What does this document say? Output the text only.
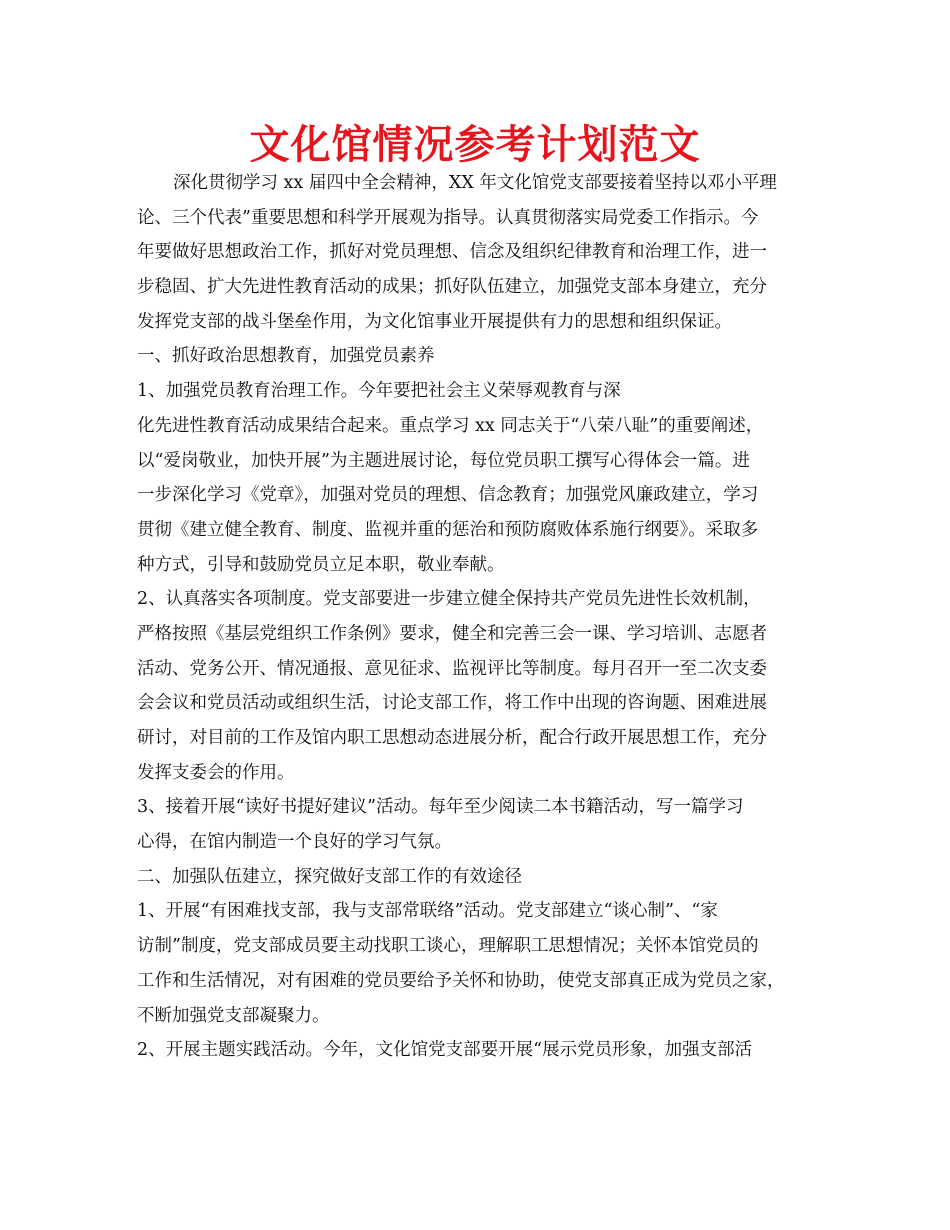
文化馆情况参考计划范文
深化贯彻学习 xx 届四中全会精神，XX 年文化馆党支部要接着坚持以邓小平理
论、三个代表”重要思想和科学开展观为指导。认真贯彻落实局党委工作指示。今
年要做好思想政治工作，抓好对党员理想、信念及组织纪律教育和治理工作，进一
步稳固、扩大先进性教育活动的成果；抓好队伍建立，加强党支部本身建立，充分
发挥党支部的战斗堡垒作用，为文化馆事业开展提供有力的思想和组织保证。
一、抓好政治思想教育，加强党员素养
1、加强党员教育治理工作。今年要把社会主义荣辱观教育与深
化先进性教育活动成果结合起来。重点学习 xx 同志关于“八荣八耻”的重要阐述，
以“爱岗敬业，加快开展”为主题进展讨论，每位党员职工撰写心得体会一篇。进
一步深化学习《党章》，加强对党员的理想、信念教育；加强党风廉政建立，学习
贯彻《建立健全教育、制度、监视并重的惩治和预防腐败体系施行纲要》。采取多
种方式，引导和鼓励党员立足本职，敬业奉献。
2、认真落实各项制度。党支部要进一步建立健全保持共产党员先进性长效机制，
严格按照《基层党组织工作条例》要求，健全和完善三会一课、学习培训、志愿者
活动、党务公开、情况通报、意见征求、监视评比等制度。每月召开一至二次支委
会会议和党员活动或组织生活，讨论支部工作，将工作中出现的咨询题、困难进展
研讨，对目前的工作及馆内职工思想动态进展分析，配合行政开展思想工作，充分
发挥支委会的作用。
3、接着开展“读好书提好建议”活动。每年至少阅读二本书籍活动，写一篇学习
心得，在馆内制造一个良好的学习气氛。
二、加强队伍建立，探究做好支部工作的有效途径
1、开展“有困难找支部，我与支部常联络”活动。党支部建立“谈心制”、“家
访制”制度，党支部成员要主动找职工谈心，理解职工思想情况；关怀本馆党员的
工作和生活情况，对有困难的党员要给予关怀和协助，使党支部真正成为党员之家，
不断加强党支部凝聚力。
2、开展主题实践活动。今年，文化馆党支部要开展“展示党员形象，加强支部活
